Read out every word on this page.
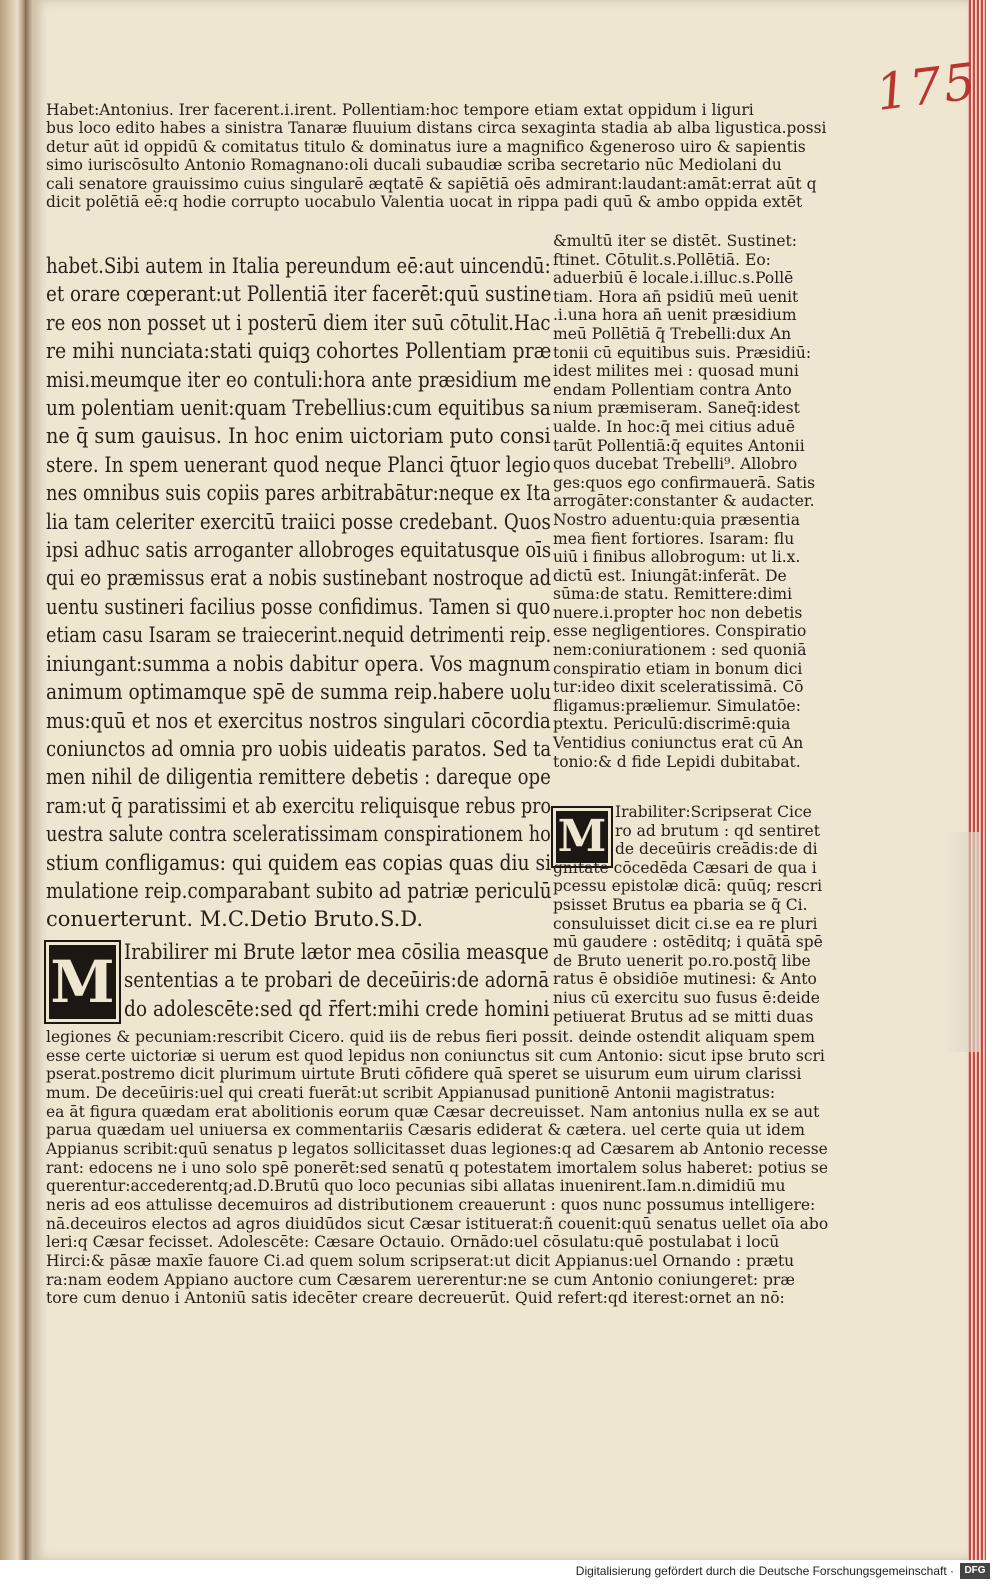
175
Habet:Antonius. Irer facerent.i.irent. Pollentiam:hoc tempore etiam extat oppidum i liguri
bus loco edito habes a sinistra Tanaræ fluuium distans circa sexaginta stadia ab alba ligustica.possi
detur aūt id oppidū & comitatus titulo & dominatus iure a magnifico &generoso uiro & sapientis
simo iuriscōsulto Antonio Romagnano:oli ducali subaudiæ scriba secretario nūc Mediolani du
cali senatore grauissimo cuius singularē æqtatē & sapiētiā oēs admirant:laudant:amāt:errat aūt q
dicit polētiā eē:q hodie corrupto uocabulo Valentia uocat in rippa padi quū & ambo oppida extēt
habet.Sibi autem in Italia pereundum eē:aut uincendū:
et orare cœperant:ut Pollentiā iter facerēt:quū sustine
re eos non posset ut i posterū diem iter suū cōtulit.Hac
re mihi nunciata:stati quiqꝫ cohortes Pollentiam præ
misi.meumque iter eo contuli:hora ante præsidium me
um polentiam uenit:quam Trebellius:cum equitibus sa
ne q̄ sum gauisus. In hoc enim uictoriam puto consi
stere. In spem uenerant quod neque Planci q̄tuor legio
nes omnibus suis copiis pares arbitrabātur:neque ex Ita
lia tam celeriter exercitū traiici posse credebant. Quos
ipsi adhuc satis arroganter allobroges equitatusque oīs
qui eo præmissus erat a nobis sustinebant nostroque ad
uentu sustineri facilius posse confidimus. Tamen si quo
etiam casu Isaram se traiecerint.nequid detrimenti reip.
iniungant:summa a nobis dabitur opera. Vos magnum
animum optimamque spē de summa reip.habere uolu
mus:quū et nos et exercitus nostros singulari cōcordia
coniunctos ad omnia pro uobis uideatis paratos. Sed ta
men nihil de diligentia remittere debetis : dareque ope
ram:ut q̄ paratissimi et ab exercitu reliquisque rebus pro
uestra salute contra sceleratissimam conspirationem ho
stium confligamus: qui quidem eas copias quas diu si
mulatione reip.comparabant subito ad patriæ periculū
conuerterunt. M.C.Detio Bruto.S.D.
&multū iter se distēt. Sustinet:
ftinet. Cōtulit.s.Pollētiā. Eo:
aduerbiū ē locale.i.illuc.s.Pollē
tiam. Hora an̄ psidiū meū uenit
.i.una hora an̄ uenit præsidium
meū Pollētiā q̄ Trebelli:dux An
tonii cū equitibus suis. Præsidiū:
idest milites mei : quosad muni
endam Pollentiam contra Anto
nium præmiseram. Saneq̄:idest
ualde. In hoc:q̄ mei citius aduē
tarūt Pollentiā:q̄ equites Antonii
quos ducebat Trebelli⁹. Allobro
ges:quos ego confirmauerā. Satis
arrogāter:constanter & audacter.
Nostro aduentu:quia præsentia
mea fient fortiores. Isaram: flu
uiū i finibus allobrogum: ut li.x.
dictū est. Iniungāt:inferāt. De
sūma:de statu. Remittere:dimi
nuere.i.propter hoc non debetis
esse negligentiores. Conspiratio
nem:coniurationem : sed quoniā
conspiratio etiam in bonum dici
tur:ideo dixit sceleratissimā. Cō
fligamus:præliemur. Simulatōe:
ptextu. Periculū:discrimē:quia
Ventidius coniunctus erat cū An
tonio:& d fide Lepidi dubitabat.
M Irabiliter:Scripserat Cice
ro ad brutum : qd sentiret
de deceūiris creādis:de di
gnitate cōcedēda Cæsari de qua i
pcessu epistolæ dicā: quūq; rescri
psisset Brutus ea pbaria se q̄ Ci.
consuluisset dicit ci.se ea re pluri
mū gaudere : ostēditq; i quātā spē
de Bruto uenerit po.ro.postq̄ libe
ratus ē obsidiōe mutinesi: & Anto
nius cū exercitu suo fusus ē:deide
petiuerat Brutus ad se mitti duas
M Irabilirer mi Brute lætor mea cōsilia measque
sententias a te probari de deceūiris:de adornā
do adolescēte:sed qd r̄fert:mihi crede homini
legiones & pecuniam:rescribit Cicero. quid iis de rebus fieri possit. deinde ostendit aliquam spem
esse certe uictoriæ si uerum est quod lepidus non coniunctus sit cum Antonio: sicut ipse bruto scri
pserat.postremo dicit plurimum uirtute Bruti cōfidere quā speret se uisurum eum uirum clarissi
mum. De deceūiris:uel qui creati fuerāt:ut scribit Appianusad punitionē Antonii magistratus:
ea āt figura quædam erat abolitionis eorum quæ Cæsar decreuisset. Nam antonius nulla ex se aut
parua quædam uel uniuersa ex commentariis Cæsaris ediderat & cætera. uel certe quia ut idem
Appianus scribit:quū senatus p legatos sollicitasset duas legiones:q ad Cæsarem ab Antonio recesse
rant: edocens ne i uno solo spē ponerēt:sed senatū q potestatem imortalem solus haberet: potius se
querentur:accederentq;ad.D.Brutū quo loco pecunias sibi allatas inuenirent.Iam.n.dimidiū mu
neris ad eos attulisse decemuiros ad distributionem creauerunt : quos nunc possumus intelligere:
nā.deceuiros electos ad agros diuidūdos sicut Cæsar istituerat:ñ couenit:quū senatus uellet oīa abo
leri:q Cæsar fecisset. Adolescēte: Cæsare Octauio. Ornādo:uel cōsulatu:quē postulabat i locū
Hirci:& pāsæ maxīe fauore Ci.ad quem solum scripserat:ut dicit Appianus:uel Ornando : prætu
ra:nam eodem Appiano auctore cum Cæsarem uererentur:ne se cum Antonio coniungeret: præ
tore cum denuo i Antoniū satis idecēter creare decreuerūt. Quid refert:qd iterest:ornet an nō:
Digitalisierung gefördert durch die Deutsche Forschungsgemeinschaft ·	DFG
